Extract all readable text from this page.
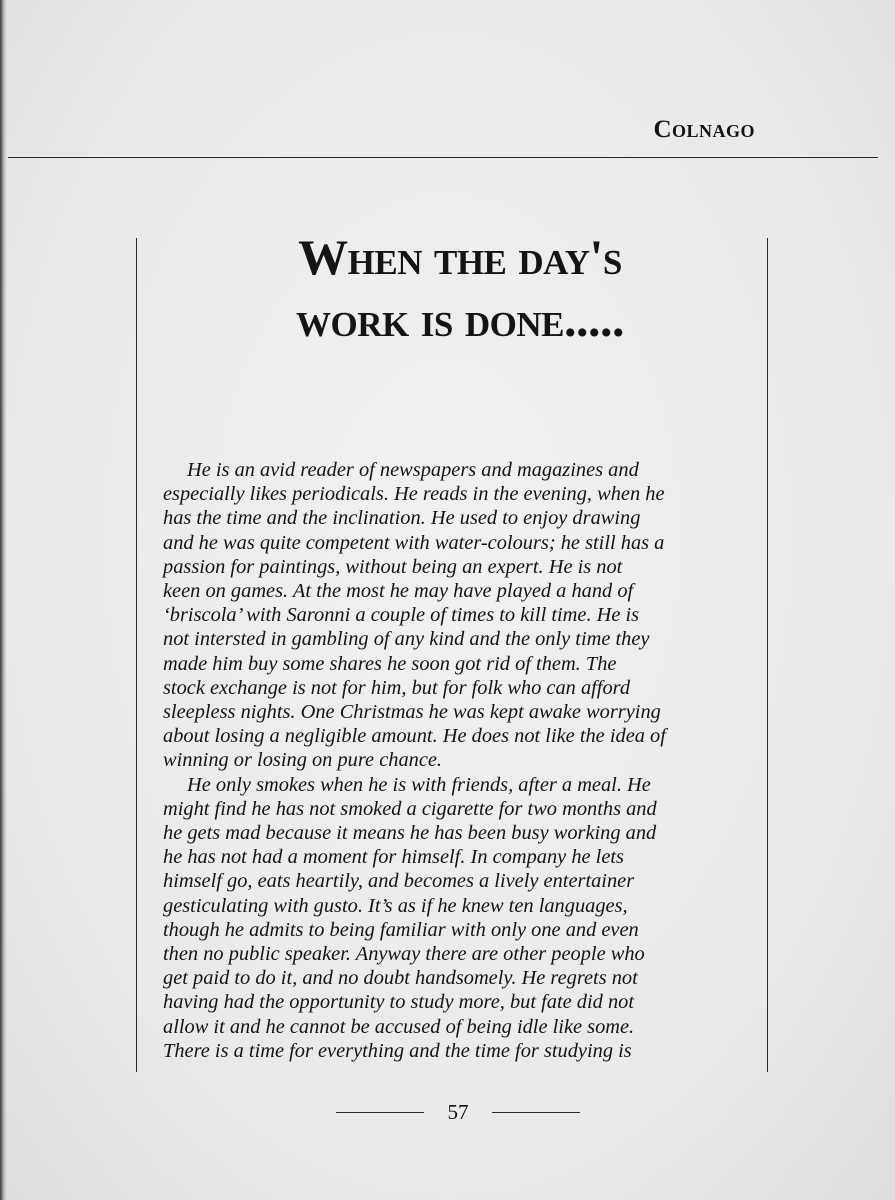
Colnago
When the day's
work is done.....
He is an avid reader of newspapers and magazines and
especially likes periodicals. He reads in the evening, when he
has the time and the inclination. He used to enjoy drawing
and he was quite competent with water-colours; he still has a
passion for paintings, without being an expert. He is not
keen on games. At the most he may have played a hand of
‘briscola’ with Saronni a couple of times to kill time. He is
not intersted in gambling of any kind and the only time they
made him buy some shares he soon got rid of them. The
stock exchange is not for him, but for folk who can afford
sleepless nights. One Christmas he was kept awake worrying
about losing a negligible amount. He does not like the idea of
winning or losing on pure chance.
He only smokes when he is with friends, after a meal. He
might find he has not smoked a cigarette for two months and
he gets mad because it means he has been busy working and
he has not had a moment for himself. In company he lets
himself go, eats heartily, and becomes a lively entertainer
gesticulating with gusto. It’s as if he knew ten languages,
though he admits to being familiar with only one and even
then no public speaker. Anyway there are other people who
get paid to do it, and no doubt handsomely. He regrets not
having had the opportunity to study more, but fate did not
allow it and he cannot be accused of being idle like some.
There is a time for everything and the time for studying is
57
